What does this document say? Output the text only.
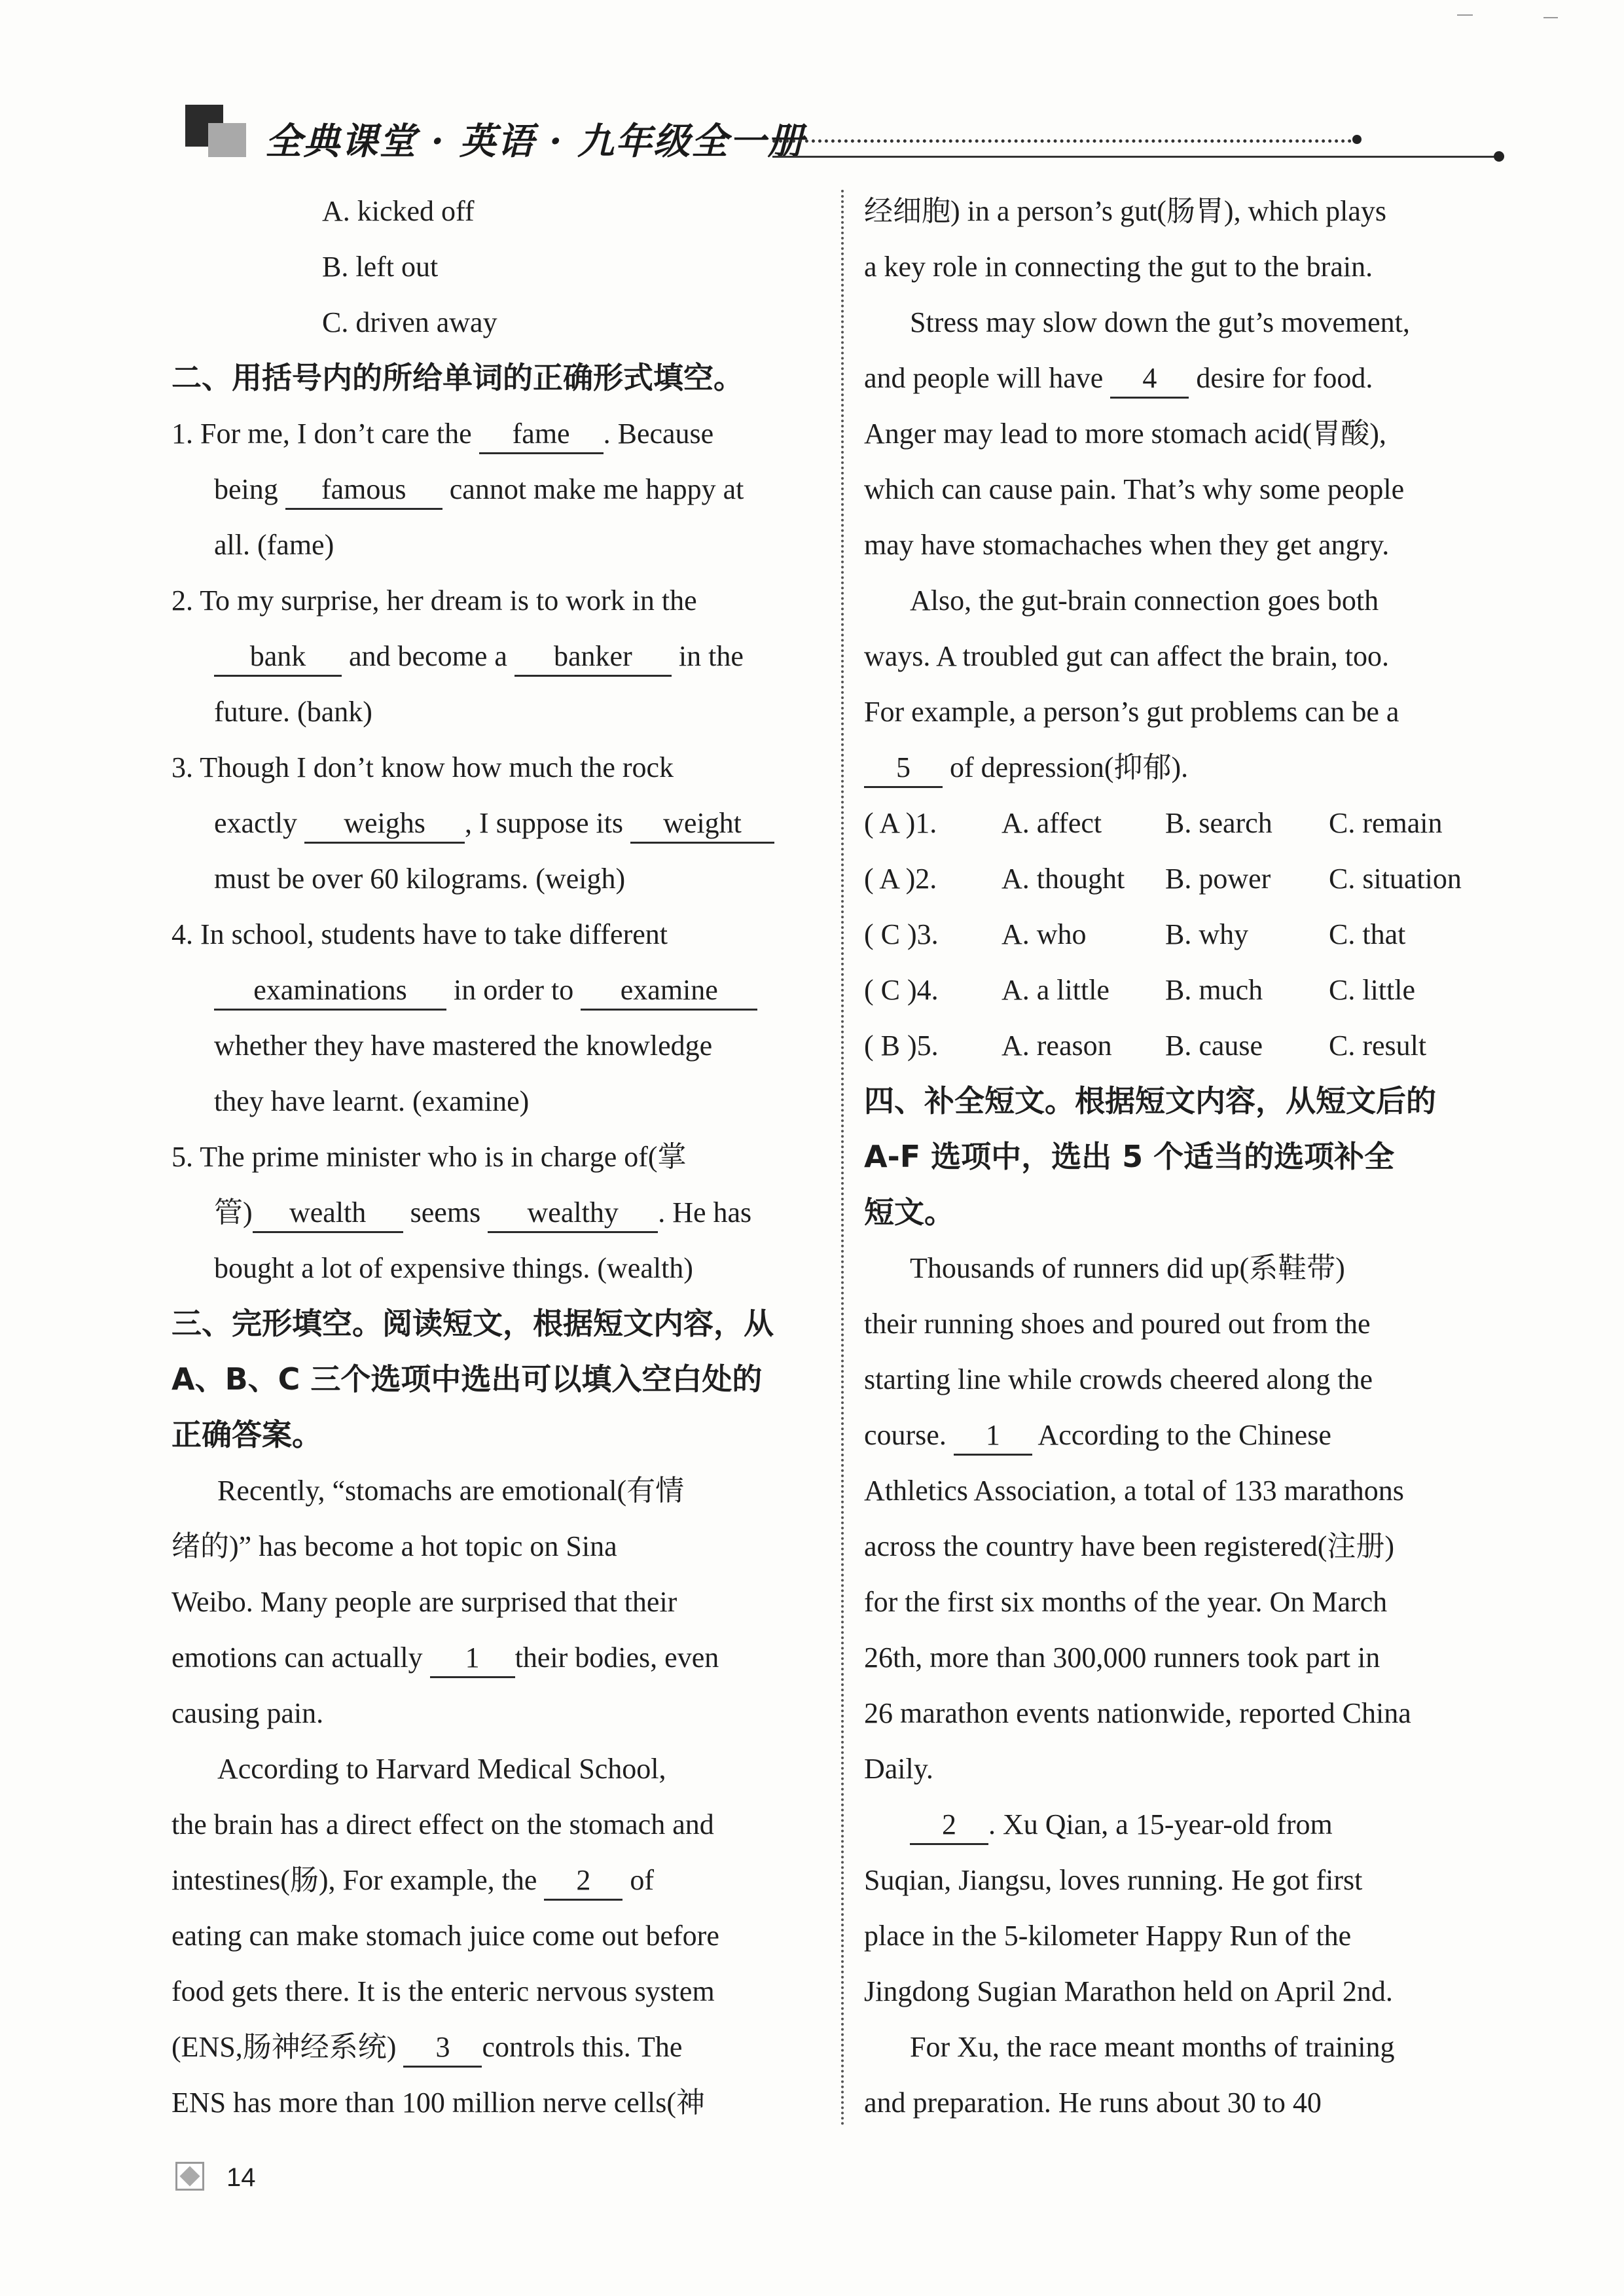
全典课堂 · 英语 · 九年级全一册
A. kicked off
B. left out
C. driven away
二、用括号内的所给单词的正确形式填空。
1. For me, I don’t care the fame . Because
being famous cannot make me happy at
all. (fame)
2. To my surprise, her dream is to work in the
bank and become a banker in the
future. (bank)
3. Though I don’t know how much the rock
exactly weighs , I suppose its weight
must be over 60 kilograms. (weigh)
4. In school, students have to take different
examinations in order to examine
whether they have mastered the knowledge
they have learnt. (examine)
5. The prime minister who is in charge of(掌
管) wealth seems wealthy . He has
bought a lot of expensive things. (wealth)
三、完形填空。阅读短文，根据短文内容，从
A、B、C 三个选项中选出可以填入空白处的
正确答案。
Recently, “stomachs are emotional(有情
绪的)” has become a hot topic on Sina
Weibo. Many people are surprised that their
emotions can actually 1 their bodies, even
causing pain.
According to Harvard Medical School,
the brain has a direct effect on the stomach and
intestines(肠), For example, the 2 of
eating can make stomach juice come out before
food gets there. It is the enteric nervous system
(ENS,肠神经系统) 3 controls this. The
ENS has more than 100 million nerve cells(神
经细胞) in a person’s gut(肠胃), which plays
a key role in connecting the gut to the brain.
Stress may slow down the gut’s movement,
and people will have 4 desire for food.
Anger may lead to more stomach acid(胃酸),
which can cause pain. That’s why some people
may have stomachaches when they get angry.
Also, the gut-brain connection goes both
ways. A troubled gut can affect the brain, too.
For example, a person’s gut problems can be a
5 of depression(抑郁).
( A )1.	A. affect	B. search	C. remain
( A )2.	A. thought	B. power	C. situation
( C )3.	A. who	B. why	C. that
( C )4.	A. a little	B. much	C. little
( B )5.	A. reason	B. cause	C. result
四、补全短文。根据短文内容，从短文后的
A-F 选项中，选出 5 个适当的选项补全
短文。
Thousands of runners did up(系鞋带)
their running shoes and poured out from the
starting line while crowds cheered along the
course. 1 According to the Chinese
Athletics Association, a total of 133 marathons
across the country have been registered(注册)
for the first six months of the year. On March
26th, more than 300,000 runners took part in
26 marathon events nationwide, reported China
Daily.
2 . Xu Qian, a 15-year-old from
Suqian, Jiangsu, loves running. He got first
place in the 5-kilometer Happy Run of the
Jingdong Sugian Marathon held on April 2nd.
For Xu, the race meant months of training
and preparation. He runs about 30 to 40
14
